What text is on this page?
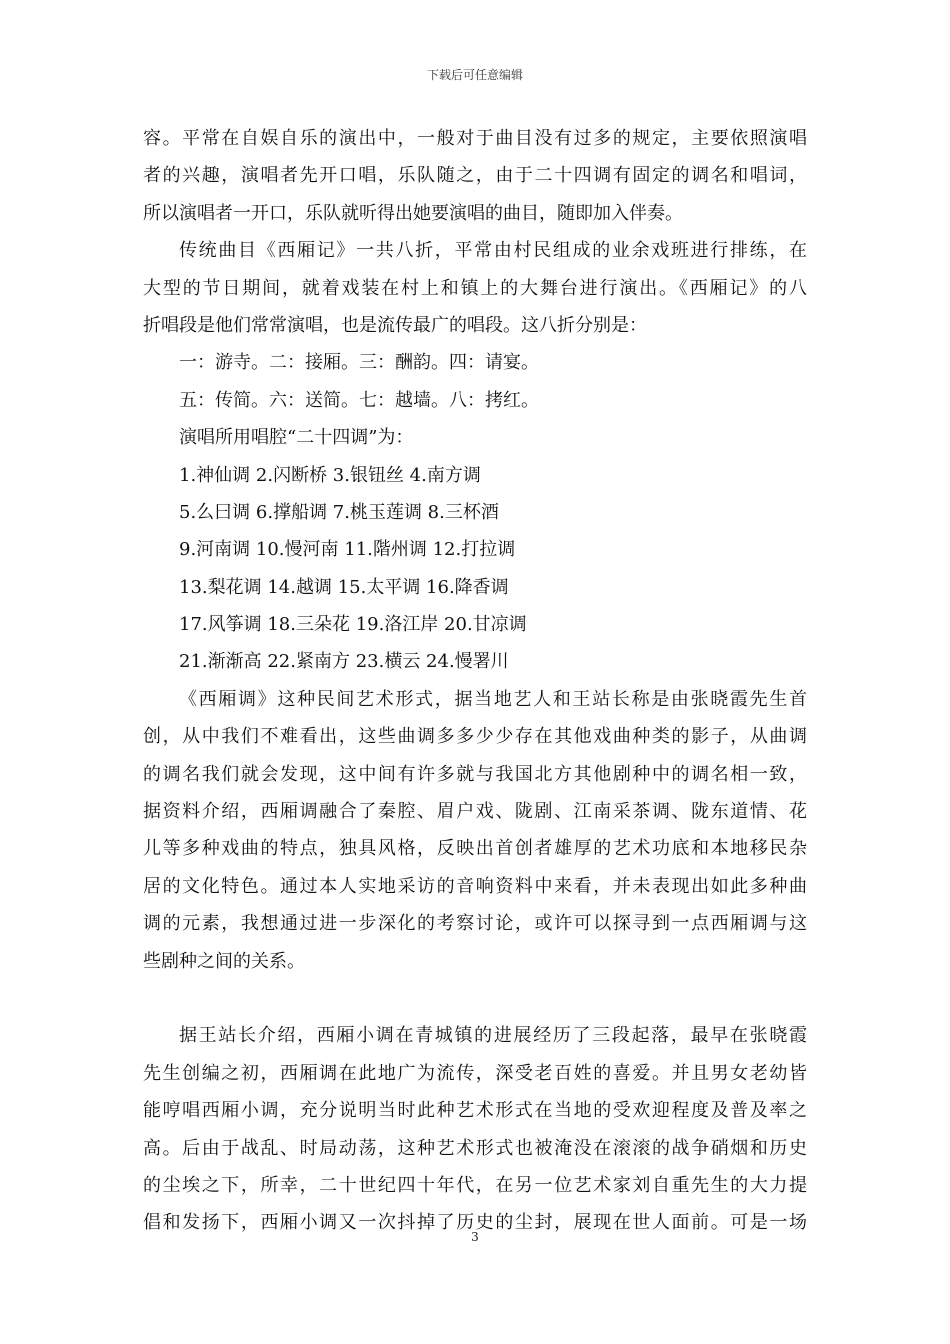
下载后可任意编辑
容。平常在自娱自乐的演出中，一般对于曲目没有过多的规定，主要依照演唱
者的兴趣，演唱者先开口唱，乐队随之，由于二十四调有固定的调名和唱词，
所以演唱者一开口，乐队就听得出她要演唱的曲目，随即加入伴奏。
传统曲目《西厢记》一共八折，平常由村民组成的业余戏班进行排练，在
大型的节日期间，就着戏装在村上和镇上的大舞台进行演出。《西厢记》的八
折唱段是他们常常演唱，也是流传最广的唱段。这八折分别是：
一：游寺。二：接厢。三：酬韵。四：请宴。
五：传简。六：送简。七：越墙。八：拷红。
演唱所用唱腔“二十四调”为：
1.神仙调 2.闪断桥 3.银钮丝 4.南方调
5.么曰调 6.撑船调 7.桃玉莲调 8.三杯酒
9.河南调 10.慢河南 11.階州调 12.打拉调
13.梨花调 14.越调 15.太平调 16.降香调
17.风筝调 18.三朵花 19.洛江岸 20.甘凉调
21.渐渐高 22.紧南方 23.横云 24.慢署川
《西厢调》这种民间艺术形式，据当地艺人和王站长称是由张晓霞先生首
创，从中我们不难看出，这些曲调多多少少存在其他戏曲种类的影子，从曲调
的调名我们就会发现，这中间有许多就与我国北方其他剧种中的调名相一致，
据资料介绍，西厢调融合了秦腔、眉户戏、陇剧、江南采茶调、陇东道情、花
儿等多种戏曲的特点，独具风格，反映出首创者雄厚的艺术功底和本地移民杂
居的文化特色。通过本人实地采访的音响资料中来看，并未表现出如此多种曲
调的元素，我想通过进一步深化的考察讨论，或许可以探寻到一点西厢调与这
些剧种之间的关系。
据王站长介绍，西厢小调在青城镇的进展经历了三段起落，最早在张晓霞
先生创编之初，西厢调在此地广为流传，深受老百姓的喜爱。并且男女老幼皆
能哼唱西厢小调，充分说明当时此种艺术形式在当地的受欢迎程度及普及率之
高。后由于战乱、时局动荡，这种艺术形式也被淹没在滚滚的战争硝烟和历史
的尘埃之下，所幸，二十世纪四十年代，在另一位艺术家刘自重先生的大力提
倡和发扬下，西厢小调又一次抖掉了历史的尘封，展现在世人面前。可是一场
3
